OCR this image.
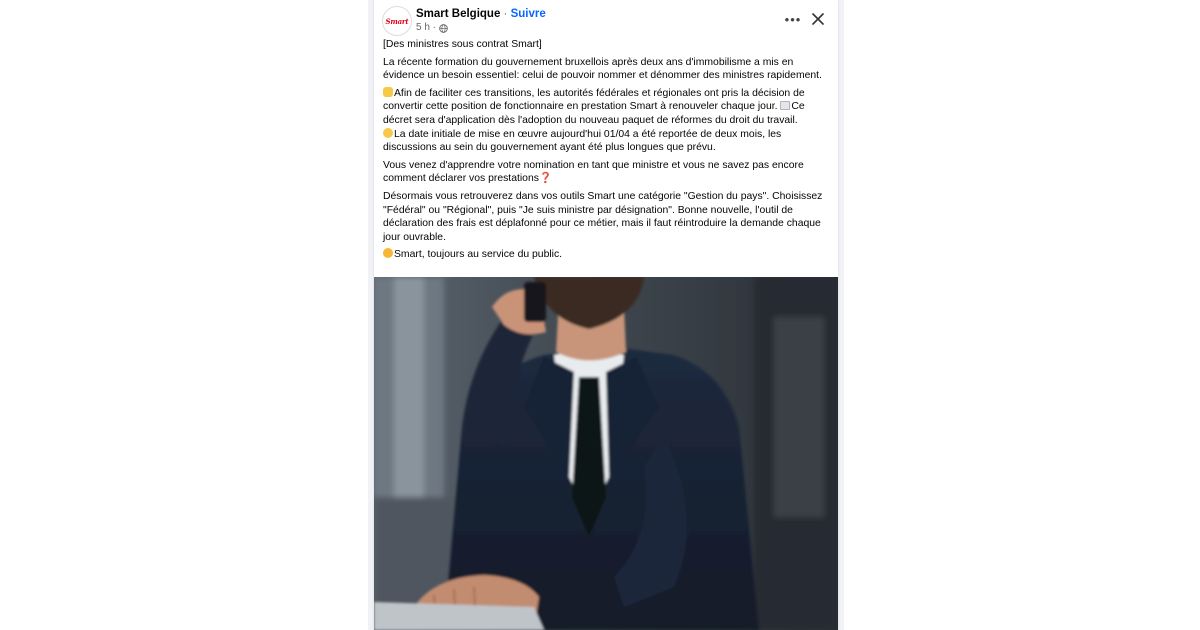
Smart
Smart Belgique · Suivre
5 h ·
•••

[Des ministres sous contrat Smart]

La récente formation du gouvernement bruxellois après deux ans d'immobilisme a mis en évidence un besoin essentiel: celui de pouvoir nommer et dénommer des ministres rapidement.

Afin de faciliter ces transitions, les autorités fédérales et régionales ont pris la décision de convertir cette position de fonctionnaire en prestation Smart à renouveler chaque jour. Ce décret sera d'application dès l'adoption du nouveau paquet de réformes du droit du travail.
La date initiale de mise en œuvre aujourd'hui 01/04 a été reportée de deux mois, les discussions au sein du gouvernement ayant été plus longues que prévu.

Vous venez d'apprendre votre nomination en tant que ministre et vous ne savez pas encore comment déclarer vos prestations❓

Désormais vous retrouverez dans vos outils Smart une catégorie "Gestion du pays". Choisissez "Fédéral" ou "Régional", puis "Je suis ministre par désignation". Bonne nouvelle, l'outil de déclaration des frais est déplafonné pour ce métier, mais il faut réintroduire la demande chaque jour ouvrable.

Smart, toujours au service du public.
